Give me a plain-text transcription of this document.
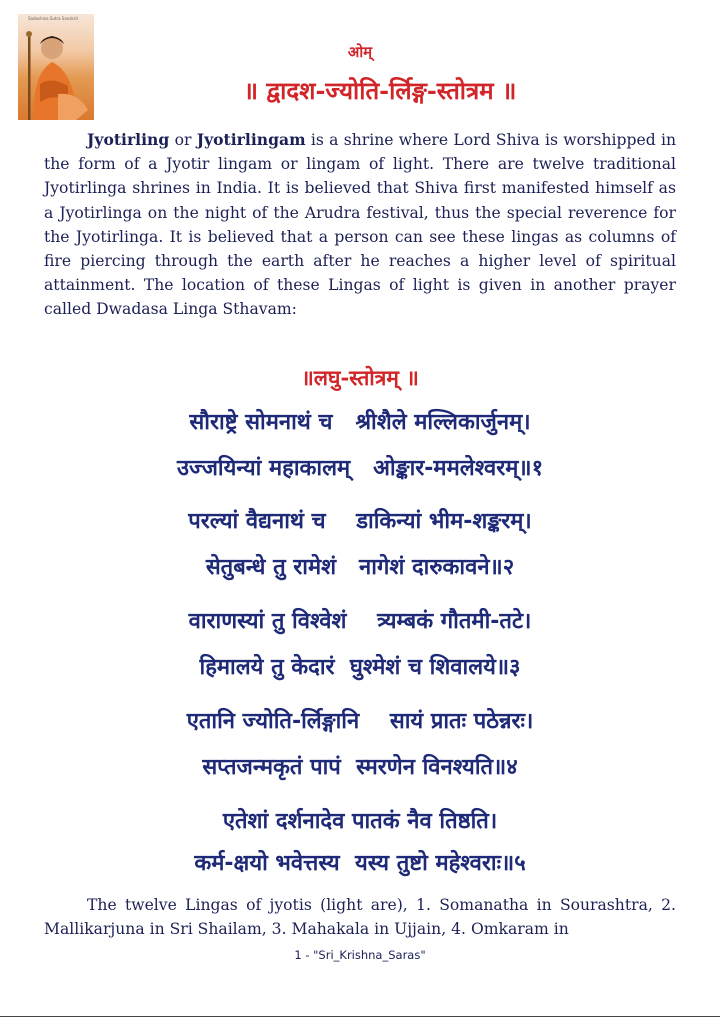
Sadashiva Sutra Sanskrit
ओम्
॥ द्वादश-ज्योति-र्लिङ्ग-स्तोत्रम ॥

Jyotirling or Jyotirlingam is a shrine where Lord Shiva is worshipped in the form of a Jyotir lingam or lingam of light. There are twelve traditional Jyotirlinga shrines in India. It is believed that Shiva first manifested himself as a Jyotirlinga on the night of the Arudra festival, thus the special reverence for the Jyotirlinga. It is believed that a person can see these lingas as columns of fire piercing through the earth after he reaches a higher level of spiritual attainment. The location of these Lingas of light is given in another prayer called Dwadasa Linga Sthavam:

॥लघु-स्तोत्रम् ॥
सौराष्ट्रे सोमनाथं च   श्रीशैले मल्लिकार्जुनम्।
उज्जयिन्यां महाकालम्   ओङ्कार-ममलेश्वरम्॥१
परल्यां वैद्यनाथं च    डाकिन्यां भीम-शङ्करम्।
सेतुबन्धे तु रामेशं   नागेशं दारुकावने॥२
वाराणस्यां तु विश्वेशं    त्र्यम्बकं गौतमी-तटे।
हिमालये तु केदारं  घुश्मेशं च शिवालये॥३
एतानि ज्योति-र्लिङ्गानि    सायं प्रातः पठेन्नरः।
सप्तजन्मकृतं पापं  स्मरणेन विनश्यति॥४
एतेशां दर्शनादेव पातकं नैव तिष्ठति।
कर्म-क्षयो भवेत्तस्य  यस्य तुष्टो महेश्वराः॥५

The twelve Lingas of jyotis (light are), 1. Somanatha in Sourashtra, 2. Mallikarjuna in Sri Shailam, 3. Mahakala in Ujjain, 4. Omkaram in

1 - "Sri_Krishna_Saras"
